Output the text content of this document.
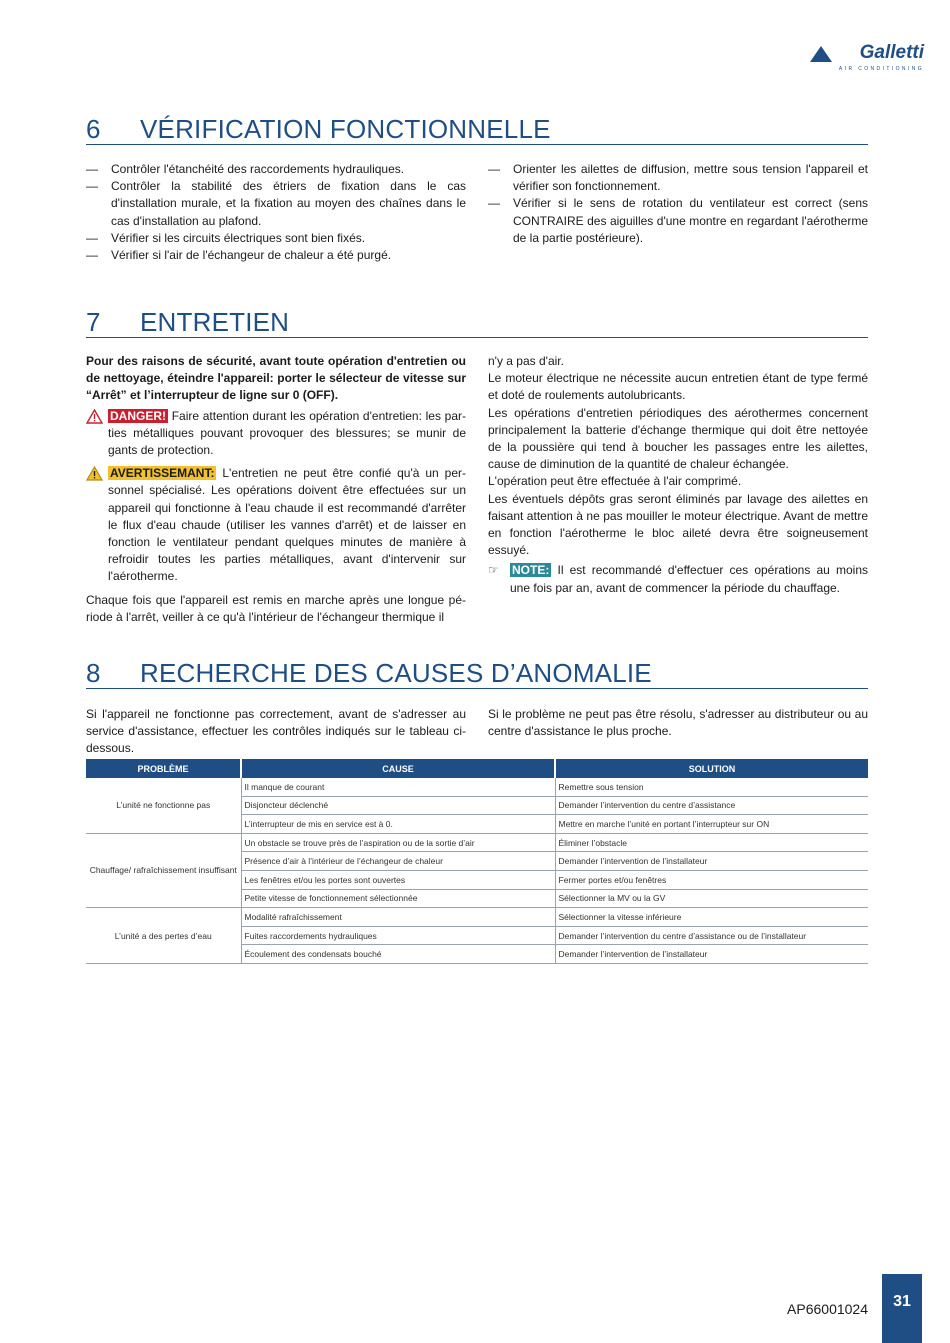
Galletti
AIR CONDITIONING
6 VÉRIFICATION FONCTIONNELLE
— Contrôler l'étanchéité des raccordements hydrauliques.
— Contrôler la stabilité des étriers de fixation dans le cas d'installation murale, et la fixation au moyen des chaînes dans le cas d'installation au plafond.
— Vérifier si les circuits électriques sont bien fixés.
— Vérifier si l'air de l'échangeur de chaleur a été purgé.
— Orienter les ailettes de diffusion, mettre sous tension l'appareil et vérifier son fonctionnement.
— Vérifier si le sens de rotation du ventilateur est correct (sens CONTRAIRE des aiguilles d'une montre en regardant l'aérotherme de la partie postérieure).
7 ENTRETIEN

Pour des raisons de sécurité, avant toute opération d'entretien ou de nettoyage, éteindre l'appareil: porter le sélecteur de vitesse sur “Arrêt” et l’interrupteur de ligne sur 0 (OFF).

DANGER! Faire attention durant les opération d'entretien: les parties métalliques pouvant provoquer des blessures; se munir de gants de protection.

AVERTISSEMANT: L'entretien ne peut être confié qu'à un personnel spécialisé. Les opérations doivent être effectuées sur un appareil qui fonctionne à l'eau chaude il est recommandé d'arrêter le flux d'eau chaude (utiliser les vannes d'arrêt) et de laisser en fonction le ventilateur pendant quelques minutes de manière à refroidir toutes les parties métalliques, avant d'intervenir sur l'aérotherme.

Chaque fois que l'appareil est remis en marche après une longue période à l'arrêt, veiller à ce qu'à l'intérieur de l'échangeur thermique il

n'y a pas d'air.

Le moteur électrique ne nécessite aucun entretien étant de type fermé et doté de roulements autolubricants.

Les opérations d'entretien périodiques des aérothermes concernent principalement la batterie d'échange thermique qui doit être nettoyée de la poussière qui tend à boucher les passages entre les ailettes, cause de diminution de la quantité de chaleur échangée.

L'opération peut être effectuée à l'air comprimé.

Les éventuels dépôts gras seront éliminés par lavage des ailettes en faisant attention à ne pas mouiller le moteur électrique. Avant de mettre en fonction l'aérotherme le bloc aileté devra être soigneusement essuyé.

☞ NOTE: Il est recommandé d'effectuer ces opérations au moins une fois par an, avant de commencer la période du chauffage.

8 RECHERCHE DES CAUSES D’ANOMALIE

Si l'appareil ne fonctionne pas correctement, avant de s'adresser au service d'assistance, effectuer les contrôles indiqués sur le tableau ci-dessous.

Si le problème ne peut pas être résolu, s'adresser au distributeur ou au centre d'assistance le plus proche.

PROBLÈME	CAUSE	SOLUTION
L’unité ne fonctionne pas	Il manque de courant	Remettre sous tension
	Disjoncteur déclenché	Demander l’intervention du centre d’assistance
	L’interrupteur de mis en service est à 0.	Mettre en marche l’unité en portant l’interrupteur sur ON
Chauffage/ rafraîchissement insuffisant	Un obstacle se trouve près de l’aspiration ou de la sortie d’air	Éliminer l’obstacle
	Présence d’air à l’intérieur de l’échangeur de chaleur	Demander l’intervention de l’installateur
	Les fenêtres et/ou les portes sont ouvertes	Fermer portes et/ou fenêtres
	Petite vitesse de fonctionnement sélectionnée	Sélectionner la MV ou la GV
L’unité a des pertes d’eau	Modalité rafraîchissement	Sélectionner la vitesse inférieure
	Fuites raccordements hydrauliques	Demander l’intervention du centre d’assistance ou de l’installateur
	Écoulement des condensats bouché	Demander l’intervention de l’installateur
AP66001024	31
